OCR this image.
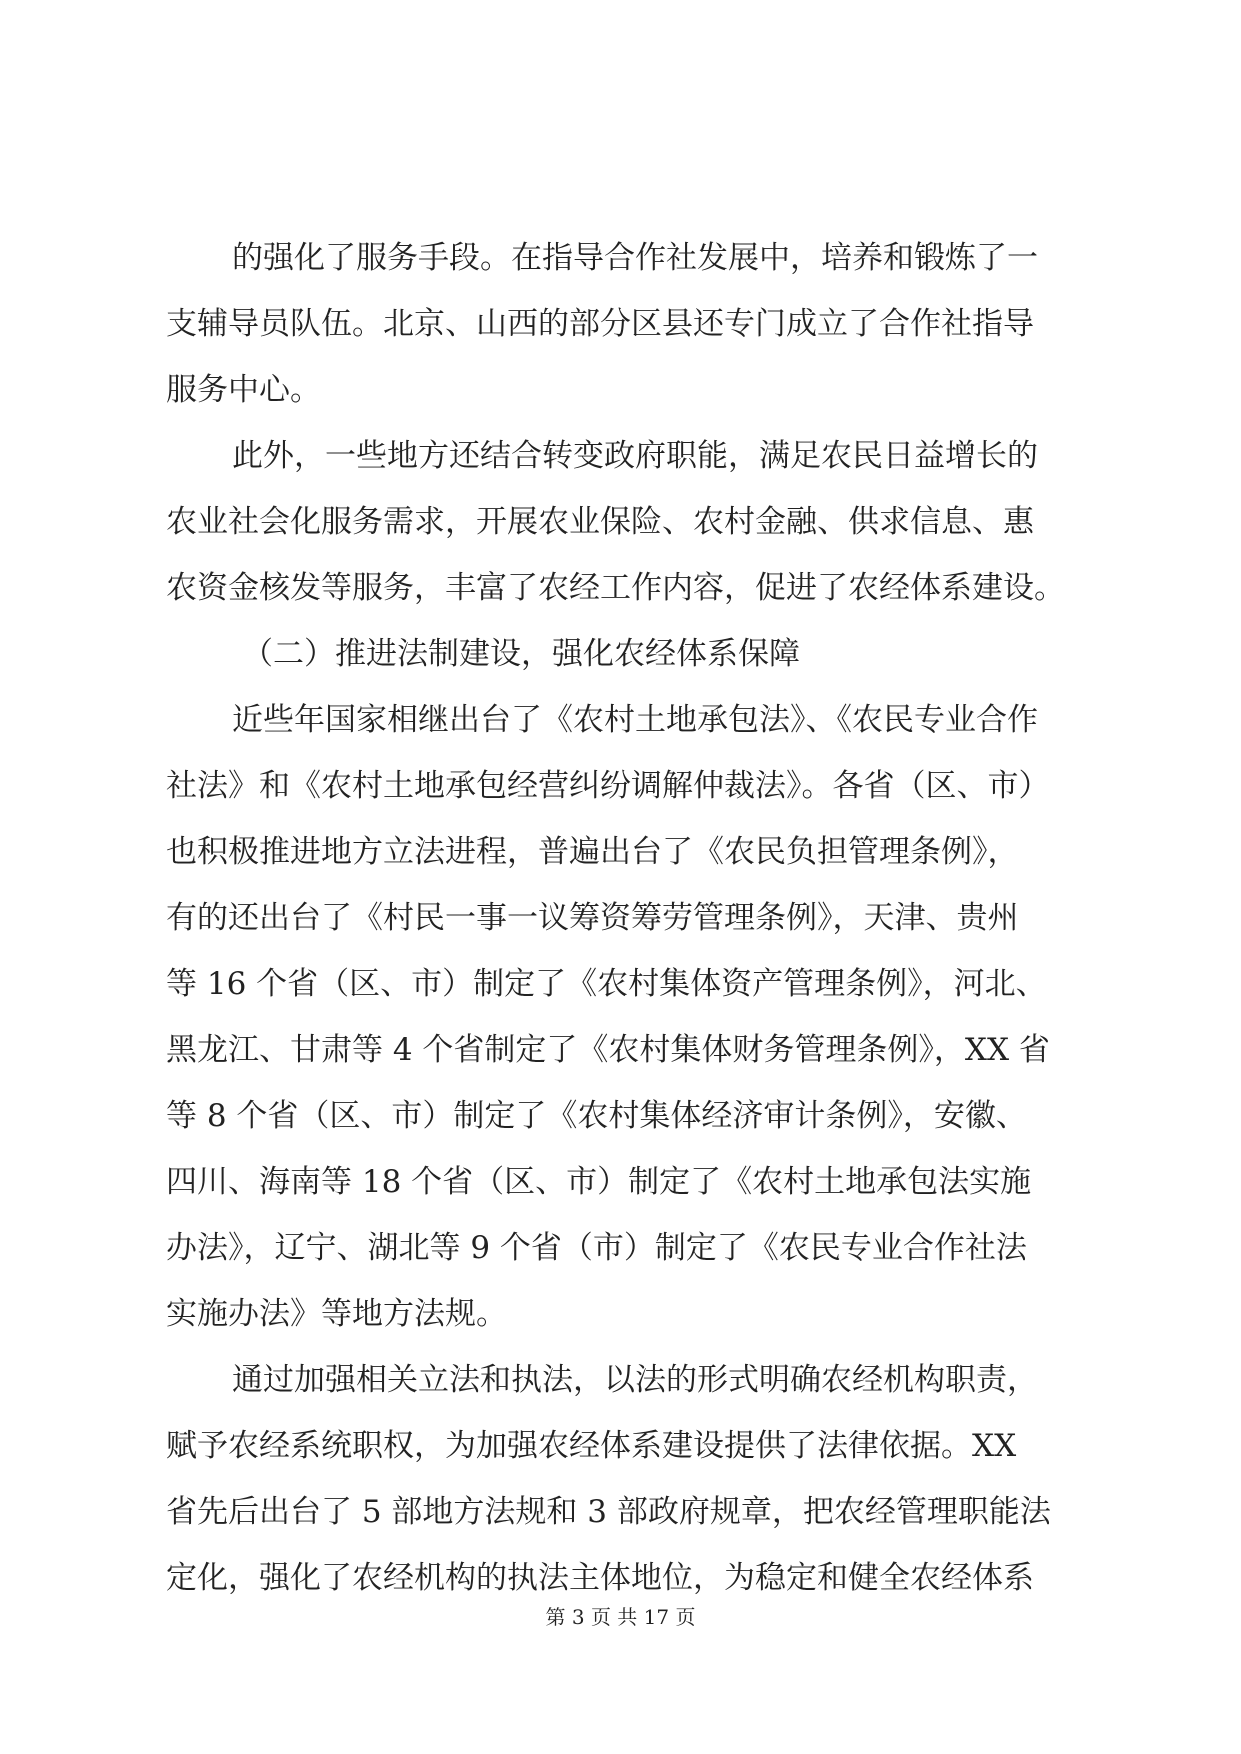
的强化了服务手段。在指导合作社发展中，培养和锻炼了一
支辅导员队伍。北京、山西的部分区县还专门成立了合作社指导
服务中心。
此外，一些地方还结合转变政府职能，满足农民日益增长的
农业社会化服务需求，开展农业保险、农村金融、供求信息、惠
农资金核发等服务，丰富了农经工作内容，促进了农经体系建设。
（二）推进法制建设，强化农经体系保障
近些年国家相继出台了《农村土地承包法》、《农民专业合作
社法》和《农村土地承包经营纠纷调解仲裁法》。各省（区、市）
也积极推进地方立法进程，普遍出台了《农民负担管理条例》，
有的还出台了《村民一事一议筹资筹劳管理条例》，天津、贵州
等 16 个省（区、市）制定了《农村集体资产管理条例》，河北、
黑龙江、甘肃等 4 个省制定了《农村集体财务管理条例》，XX 省
等 8 个省（区、市）制定了《农村集体经济审计条例》，安徽、
四川、海南等 18 个省（区、市）制定了《农村土地承包法实施
办法》，辽宁、湖北等 9 个省（市）制定了《农民专业合作社法
实施办法》等地方法规。
通过加强相关立法和执法，以法的形式明确农经机构职责，
赋予农经系统职权，为加强农经体系建设提供了法律依据。XX
省先后出台了 5 部地方法规和 3 部政府规章，把农经管理职能法
定化，强化了农经机构的执法主体地位，为稳定和健全农经体系
第 3 页 共 17 页
